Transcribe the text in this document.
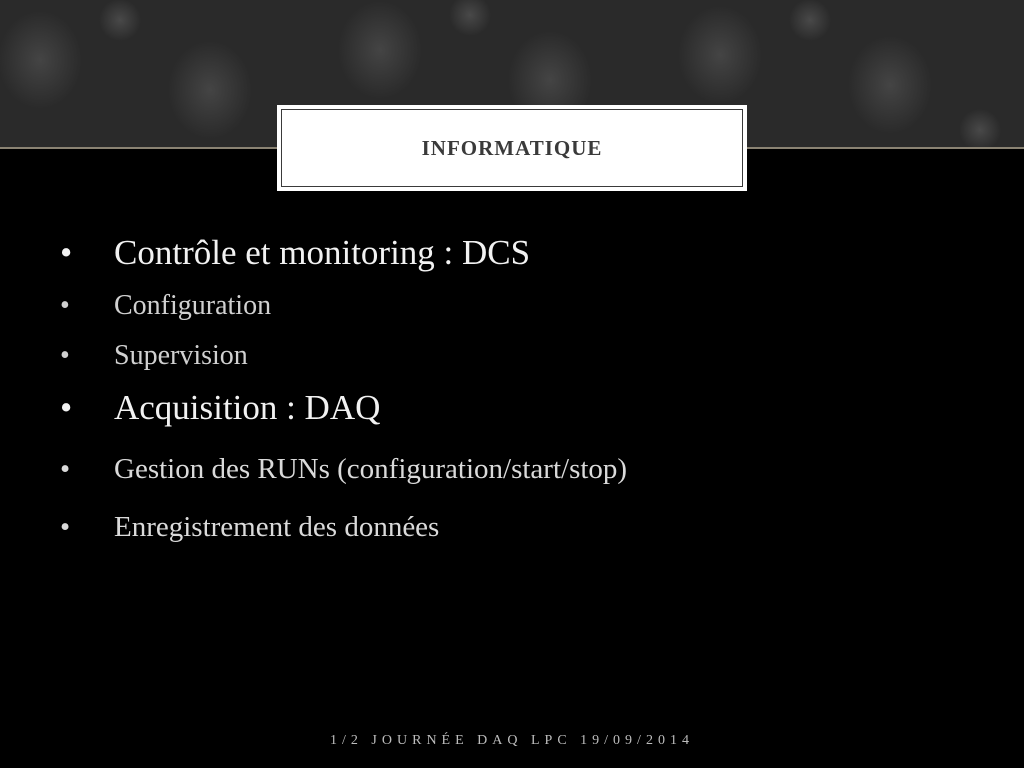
INFORMATIQUE
•	Contrôle et monitoring : DCS
•	Configuration
•	Supervision
•	Acquisition : DAQ
•	Gestion des RUNs (configuration/start/stop)
•	Enregistrement des données
1/2 JOURNÉE DAQ LPC 19/09/2014
